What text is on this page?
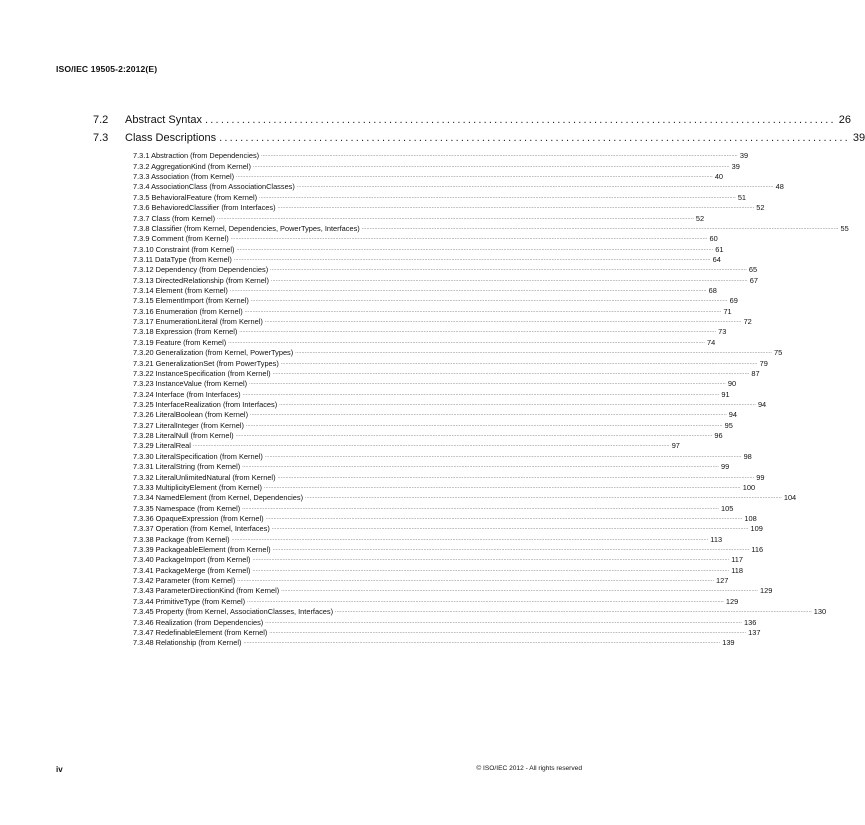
ISO/IEC 19505-2:2012(E)
7.2	Abstract Syntax ........................................................................................................................ 26
7.3	Class Descriptions ........................................................................................................................ 39
7.3.1 Abstraction (from Dependencies) ............................................................................................................................................................................................................................................................................................................ 39
7.3.2 AggregationKind (from Kernel) ............................................................................................................................................................................................................................................................................................................ 39
7.3.3 Association (from Kernel) ............................................................................................................................................................................................................................................................................................................ 40
7.3.4 AssociationClass (from AssociationClasses) ............................................................................................................................................................................................................................................................................................................ 48
7.3.5 BehavioralFeature (from Kernel) ............................................................................................................................................................................................................................................................................................................ 51
7.3.6 BehavioredClassifier (from Interfaces) ............................................................................................................................................................................................................................................................................................................ 52
7.3.7 Class (from Kernel) ............................................................................................................................................................................................................................................................................................................ 52
7.3.8 Classifier (from Kernel, Dependencies, PowerTypes, Interfaces) ............................................................................................................................................................................................................................................................................................................ 55
7.3.9 Comment (from Kernel) ............................................................................................................................................................................................................................................................................................................ 60
7.3.10 Constraint (from Kernel) ............................................................................................................................................................................................................................................................................................................ 61
7.3.11 DataType (from Kernel) ............................................................................................................................................................................................................................................................................................................ 64
7.3.12 Dependency (from Dependencies) ............................................................................................................................................................................................................................................................................................................ 65
7.3.13 DirectedRelationship (from Kernel) ............................................................................................................................................................................................................................................................................................................ 67
7.3.14 Element (from Kernel) ............................................................................................................................................................................................................................................................................................................ 68
7.3.15 ElementImport (from Kernel) ............................................................................................................................................................................................................................................................................................................ 69
7.3.16 Enumeration (from Kernel) ............................................................................................................................................................................................................................................................................................................ 71
7.3.17 EnumerationLiteral (from Kernel) ............................................................................................................................................................................................................................................................................................................ 72
7.3.18 Expression (from Kernel) ............................................................................................................................................................................................................................................................................................................ 73
7.3.19 Feature (from Kernel) ............................................................................................................................................................................................................................................................................................................ 74
7.3.20 Generalization (from Kernel, PowerTypes) ............................................................................................................................................................................................................................................................................................................ 75
7.3.21 GeneralizationSet (from PowerTypes) ............................................................................................................................................................................................................................................................................................................ 79
7.3.22 InstanceSpecification (from Kernel) ............................................................................................................................................................................................................................................................................................................ 87
7.3.23 InstanceValue (from Kernel) ............................................................................................................................................................................................................................................................................................................ 90
7.3.24 Interface (from Interfaces) ............................................................................................................................................................................................................................................................................................................ 91
7.3.25 InterfaceRealization (from Interfaces) ............................................................................................................................................................................................................................................................................................................ 94
7.3.26 LiteralBoolean (from Kernel) ............................................................................................................................................................................................................................................................................................................ 94
7.3.27 LiteralInteger (from Kernel) ............................................................................................................................................................................................................................................................................................................ 95
7.3.28 LiteralNull (from Kernel) ............................................................................................................................................................................................................................................................................................................ 96
7.3.29 LiteralReal ............................................................................................................................................................................................................................................................................................................ 97
7.3.30 LiteralSpecification (from Kernel) ............................................................................................................................................................................................................................................................................................................ 98
7.3.31 LiteralString (from Kernel) ............................................................................................................................................................................................................................................................................................................ 99
7.3.32 LiteralUnlimitedNatural (from Kernel) ............................................................................................................................................................................................................................................................................................................ 99
7.3.33 MultiplicityElement (from Kernel) ............................................................................................................................................................................................................................................................................................................ 100
7.3.34 NamedElement (from Kernel, Dependencies) ............................................................................................................................................................................................................................................................................................................ 104
7.3.35 Namespace (from Kernel) ............................................................................................................................................................................................................................................................................................................ 105
7.3.36 OpaqueExpression (from Kernel) ............................................................................................................................................................................................................................................................................................................ 108
7.3.37 Operation (from Kernel, Interfaces) ............................................................................................................................................................................................................................................................................................................ 109
7.3.38 Package (from Kernel) ............................................................................................................................................................................................................................................................................................................ 113
7.3.39 PackageableElement (from Kernel) ............................................................................................................................................................................................................................................................................................................ 116
7.3.40 PackageImport (from Kernel) ............................................................................................................................................................................................................................................................................................................ 117
7.3.41 PackageMerge (from Kernel) ............................................................................................................................................................................................................................................................................................................ 118
7.3.42 Parameter (from Kernel) ............................................................................................................................................................................................................................................................................................................ 127
7.3.43 ParameterDirectionKind (from Kernel) ............................................................................................................................................................................................................................................................................................................ 129
7.3.44 PrimitiveType (from Kernel) ............................................................................................................................................................................................................................................................................................................ 129
7.3.45 Property (from Kernel, AssociationClasses, Interfaces) ............................................................................................................................................................................................................................................................................................................ 130
7.3.46 Realization (from Dependencies) ............................................................................................................................................................................................................................................................................................................ 136
7.3.47 RedefinableElement (from Kernel) ............................................................................................................................................................................................................................................................................................................ 137
7.3.48 Relationship (from Kernel) ............................................................................................................................................................................................................................................................................................................ 139
iv	© ISO/IEC 2012 - All rights reserved
